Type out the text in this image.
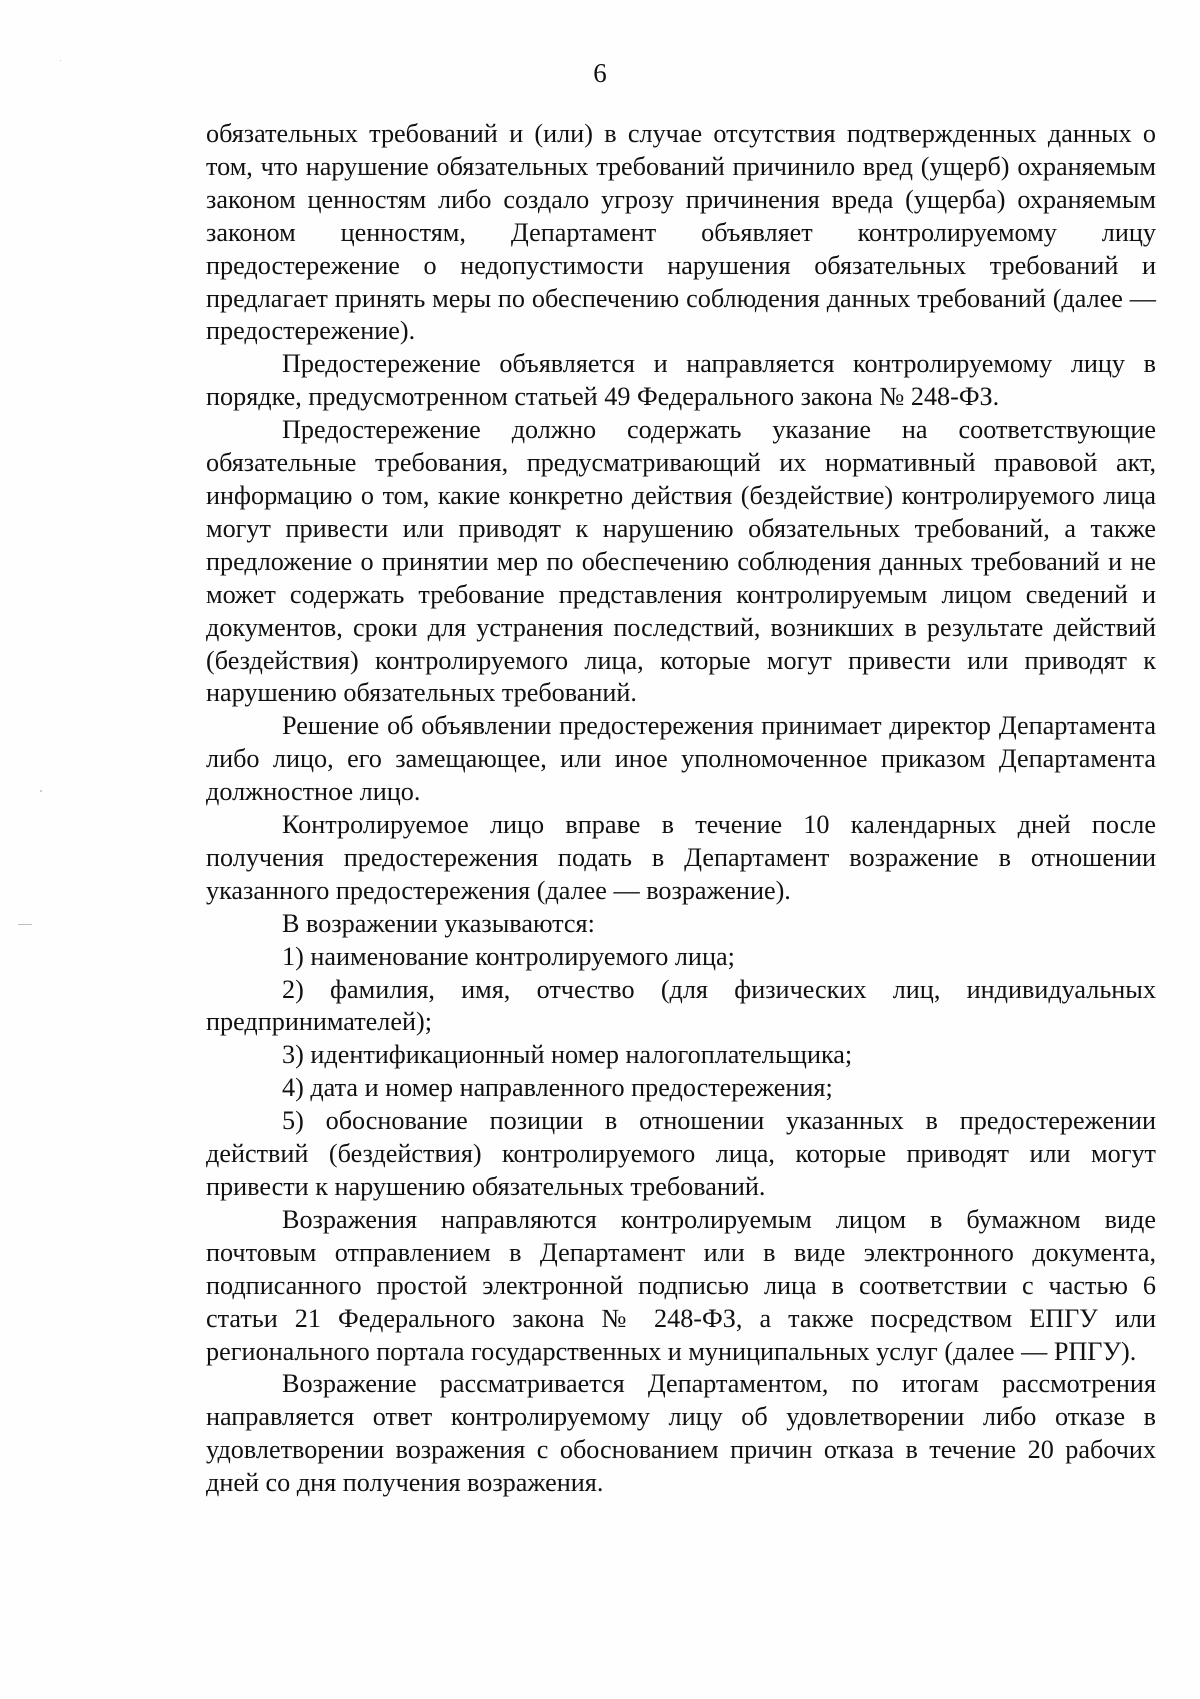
6

обязательных требований и (или) в случае отсутствия подтвержденных данных о том, что нарушение обязательных требований причинило вред (ущерб) охраняемым законом ценностям либо создало угрозу причинения вреда (ущерба) охраняемым законом ценностям, Департамент объявляет контролируемому лицу предостережение о недопустимости нарушения обязательных требований и предлагает принять меры по обеспечению соблюдения данных требований (далее — предостережение).

Предостережение объявляется и направляется контролируемому лицу в порядке, предусмотренном статьей 49 Федерального закона № 248-ФЗ.

Предостережение должно содержать указание на соответствующие обязательные требования, предусматривающий их нормативный правовой акт, информацию о том, какие конкретно действия (бездействие) контролируемого лица могут привести или приводят к нарушению обязательных требований, а также предложение о принятии мер по обеспечению соблюдения данных требований и не может содержать требование представления контролируемым лицом сведений и документов, сроки для устранения последствий, возникших в результате действий (бездействия) контролируемого лица, которые могут привести или приводят к нарушению обязательных требований.

Решение об объявлении предостережения принимает директор Департамента либо лицо, его замещающее, или иное уполномоченное приказом Департамента должностное лицо.

Контролируемое лицо вправе в течение 10 календарных дней после получения предостережения подать в Департамент возражение в отношении указанного предостережения (далее — возражение).

В возражении указываются:

1) наименование контролируемого лица;

2) фамилия, имя, отчество (для физических лиц, индивидуальных предпринимателей);

3) идентификационный номер налогоплательщика;

4) дата и номер направленного предостережения;

5) обоснование позиции в отношении указанных в предостережении действий (бездействия) контролируемого лица, которые приводят или могут привести к нарушению обязательных требований.

Возражения направляются контролируемым лицом в бумажном виде почтовым отправлением в Департамент или в виде электронного документа, подписанного простой электронной подписью лица в соответствии с частью 6 статьи 21 Федерального закона № 248-ФЗ, а также посредством ЕПГУ или регионального портала государственных и муниципальных услуг (далее — РПГУ).

Возражение рассматривается Департаментом, по итогам рассмотрения направляется ответ контролируемому лицу об удовлетворении либо отказе в удовлетворении возражения с обоснованием причин отказа в течение 20 рабочих дней со дня получения возражения.
